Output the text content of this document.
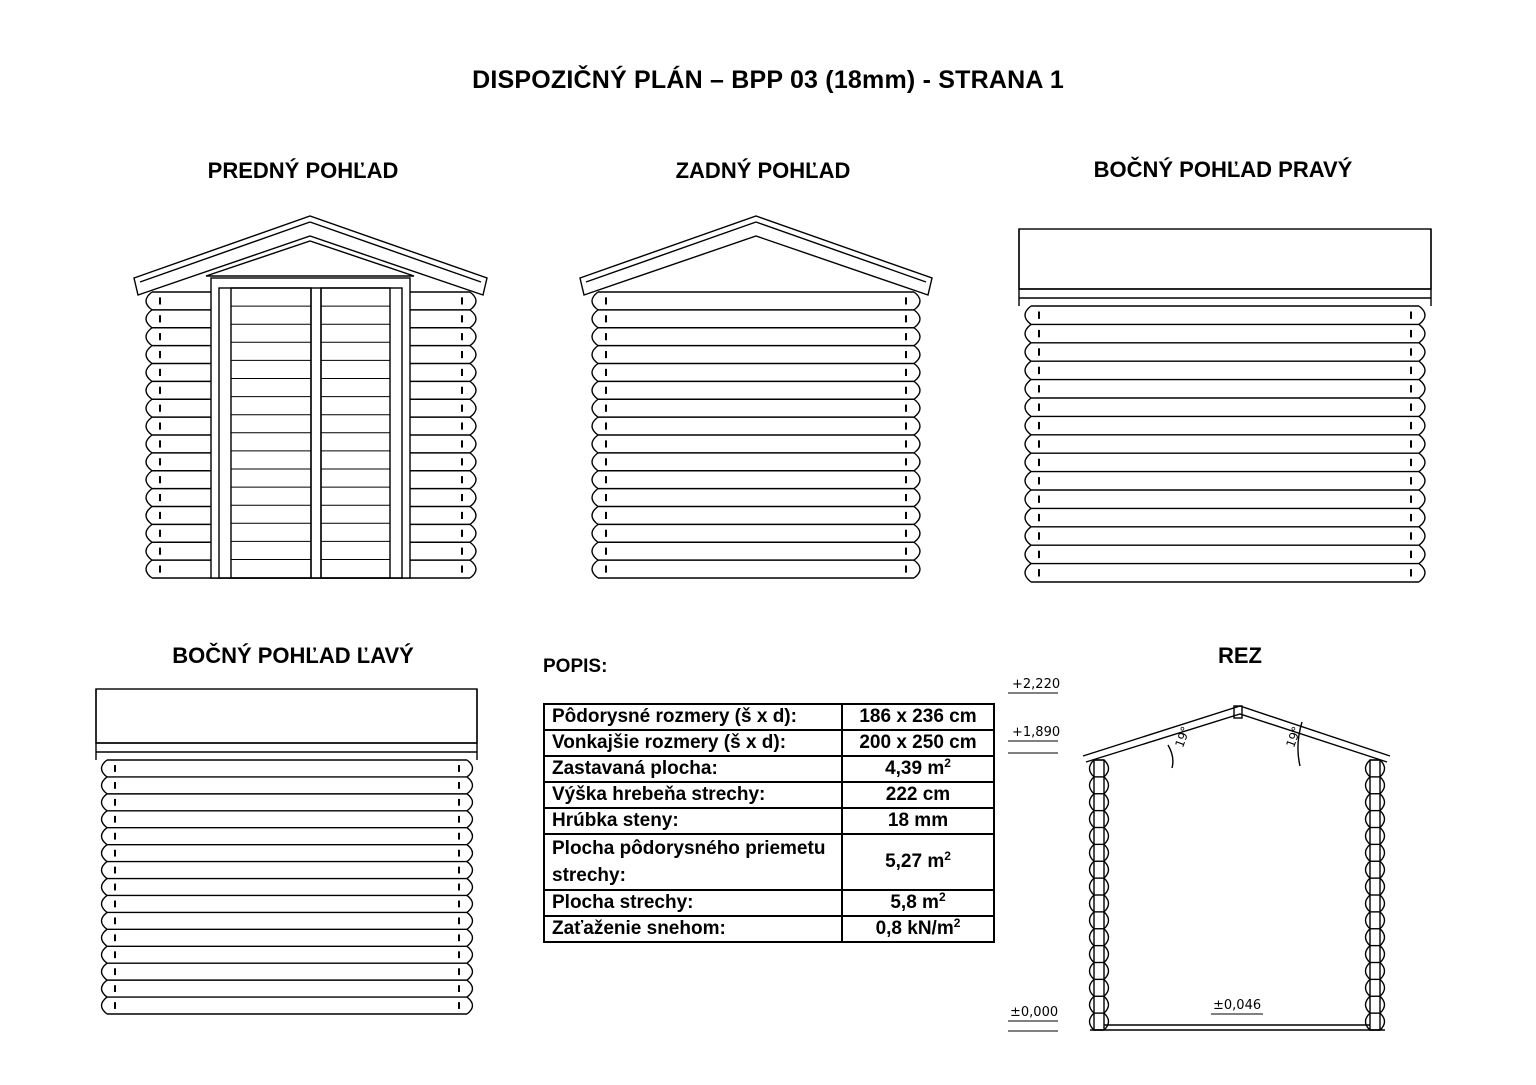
DISPOZIČNÝ PLÁN – BPP 03 (18mm) - STRANA 1
PREDNÝ POHĽAD	ZADNÝ POHĽAD	BOČNÝ POHĽAD PRAVÝ
BOČNÝ POHĽAD ĽAVÝ	REZ
POPIS:
Pôdorysné rozmery (š x d):	186 x 236 cm
Vonkajšie rozmery (š x d):	200 x 250 cm
Zastavaná plocha:	4,39 $m^2$
Výška hrebeňa strechy:	222 cm
Hrúbka steny:	18 mm
Plocha pôdorysného priemetu strechy:	5,27 $m^2$
Plocha strechy:	5,8 $m^2$
Zaťaženie snehom:	0,8 $kN/m^2$
+2,220
+1,890
±0,000	±0,046
19°	19°
